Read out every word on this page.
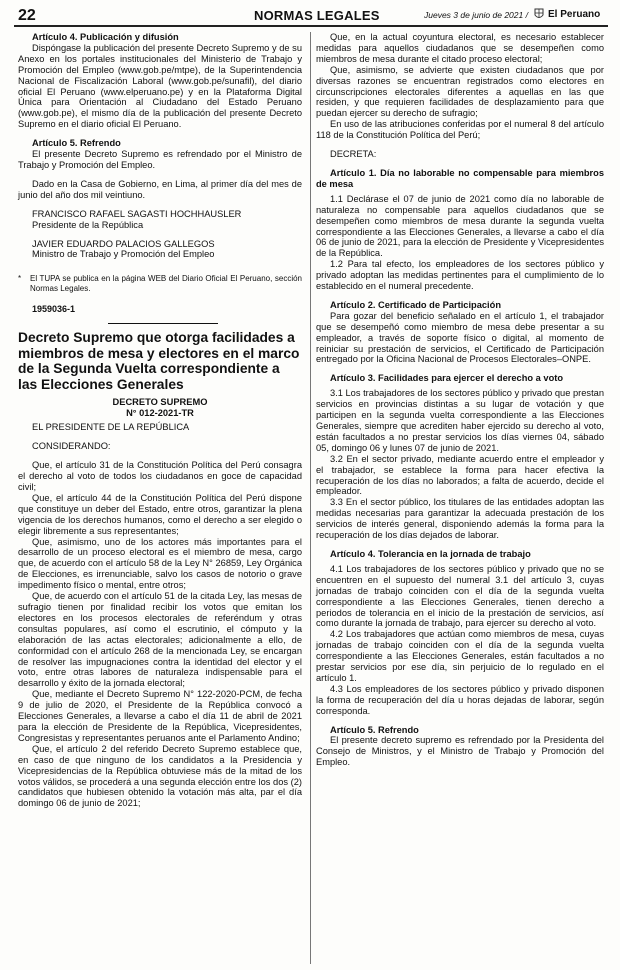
22	NORMAS LEGALES	Jueves 3 de junio de 2021 / El Peruano

Artículo 4. Publicación y difusión

Dispóngase la publicación del presente Decreto Supremo y de su Anexo en los portales institucionales del Ministerio de Trabajo y Promoción del Empleo (www.gob.pe/mtpe), de la Superintendencia Nacional de Fiscalización Laboral (www.gob.pe/sunafil), del diario oficial El Peruano (www.elperuano.pe) y en la Plataforma Digital Única para Orientación al Ciudadano del Estado Peruano (www.gob.pe), el mismo día de la publicación del presente Decreto Supremo en el diario oficial El Peruano.

Artículo 5. Refrendo

El presente Decreto Supremo es refrendado por el Ministro de Trabajo y Promoción del Empleo.

Dado en la Casa de Gobierno, en Lima, al primer día del mes de junio del año dos mil veintiuno.

FRANCISCO RAFAEL SAGASTI HOCHHAUSLER

Presidente de la República

JAVIER EDUARDO PALACIOS GALLEGOS

Ministro de Trabajo y Promoción del Empleo

* El TUPA se publica en la página WEB del Diario Oficial El Peruano, sección Normas Legales.

1959036-1

Decreto Supremo que otorga facilidades a miembros de mesa y electores en el marco de la Segunda Vuelta correspondiente a las Elecciones Generales

DECRETO SUPREMO

N° 012-2021-TR

EL PRESIDENTE DE LA REPÚBLICA

CONSIDERANDO:

Que, el artículo 31 de la Constitución Política del Perú consagra el derecho al voto de todos los ciudadanos en goce de capacidad civil;

Que, el artículo 44 de la Constitución Política del Perú dispone que constituye un deber del Estado, entre otros, garantizar la plena vigencia de los derechos humanos, como el derecho a ser elegido o elegir libremente a sus representantes;

Que, asimismo, uno de los actores más importantes para el desarrollo de un proceso electoral es el miembro de mesa, cargo que, de acuerdo con el artículo 58 de la Ley N° 26859, Ley Orgánica de Elecciones, es irrenunciable, salvo los casos de notorio o grave impedimento físico o mental, entre otros;

Que, de acuerdo con el artículo 51 de la citada Ley, las mesas de sufragio tienen por finalidad recibir los votos que emitan los electores en los procesos electorales de referéndum y otras consultas populares, así como el escrutinio, el cómputo y la elaboración de las actas electorales; adicionalmente a ello, de conformidad con el artículo 268 de la mencionada Ley, se encargan de resolver las impugnaciones contra la identidad del elector y el voto, entre otras labores de naturaleza indispensable para el desarrollo y éxito de la jornada electoral;

Que, mediante el Decreto Supremo N° 122-2020-PCM, de fecha 9 de julio de 2020, el Presidente de la República convocó a Elecciones Generales, a llevarse a cabo el día 11 de abril de 2021 para la elección de Presidente de la República, Vicepresidentes, Congresistas y representantes peruanos ante el Parlamento Andino;

Que, el artículo 2 del referido Decreto Supremo establece que, en caso de que ninguno de los candidatos a la Presidencia y Vicepresidencias de la República obtuviese más de la mitad de los votos válidos, se procederá a una segunda elección entre los dos (2) candidatos que hubiesen obtenido la votación más alta, par el día domingo 06 de junio de 2021;

Que, en la actual coyuntura electoral, es necesario establecer medidas para aquellos ciudadanos que se desempeñen como miembros de mesa durante el citado proceso electoral;

Que, asimismo, se advierte que existen ciudadanos que por diversas razones se encuentran registrados como electores en circunscripciones electorales diferentes a aquellas en las que residen, y que requieren facilidades de desplazamiento para que puedan ejercer su derecho de sufragio;

En uso de las atribuciones conferidas por el numeral 8 del artículo 118 de la Constitución Política del Perú;

DECRETA:

Artículo 1. Día no laborable no compensable para miembros de mesa

1.1 Declárase el 07 de junio de 2021 como día no laborable de naturaleza no compensable para aquellos ciudadanos que se desempeñen como miembros de mesa durante la segunda vuelta correspondiente a las Elecciones Generales, a llevarse a cabo el día 06 de junio de 2021, para la elección de Presidente y Vicepresidentes de la República.

1.2 Para tal efecto, los empleadores de los sectores público y privado adoptan las medidas pertinentes para el cumplimiento de lo establecido en el numeral precedente.

Artículo 2. Certificado de Participación

Para gozar del beneficio señalado en el artículo 1, el trabajador que se desempeñó como miembro de mesa debe presentar a su empleador, a través de soporte físico o digital, al momento de reiniciar su prestación de servicios, el Certificado de Participación entregado por la Oficina Nacional de Procesos Electorales–ONPE.

Artículo 3. Facilidades para ejercer el derecho a voto

3.1 Los trabajadores de los sectores público y privado que prestan servicios en provincias distintas a su lugar de votación y que participen en la segunda vuelta correspondiente a las Elecciones Generales, siempre que acrediten haber ejercido su derecho al voto, están facultados a no prestar servicios los días viernes 04, sábado 05, domingo 06 y lunes 07 de junio de 2021.

3.2 En el sector privado, mediante acuerdo entre el empleador y el trabajador, se establece la forma para hacer efectiva la recuperación de los días no laborados; a falta de acuerdo, decide el empleador.

3.3 En el sector público, los titulares de las entidades adoptan las medidas necesarias para garantizar la adecuada prestación de los servicios de interés general, disponiendo además la forma para la recuperación de los días dejados de laborar.

Artículo 4. Tolerancia en la jornada de trabajo

4.1 Los trabajadores de los sectores público y privado que no se encuentren en el supuesto del numeral 3.1 del artículo 3, cuyas jornadas de trabajo coinciden con el día de la segunda vuelta correspondiente a las Elecciones Generales, tienen derecho a periodos de tolerancia en el inicio de la prestación de servicios, así como durante la jornada de trabajo, para ejercer su derecho al voto.

4.2 Los trabajadores que actúan como miembros de mesa, cuyas jornadas de trabajo coinciden con el día de la segunda vuelta correspondiente a las Elecciones Generales, están facultados a no prestar servicios por ese día, sin perjuicio de lo regulado en el artículo 1.

4.3 Los empleadores de los sectores público y privado disponen la forma de recuperación del día u horas dejadas de laborar, según corresponda.

Artículo 5. Refrendo

El presente decreto supremo es refrendado por la Presidenta del Consejo de Ministros, y el Ministro de Trabajo y Promoción del Empleo.
